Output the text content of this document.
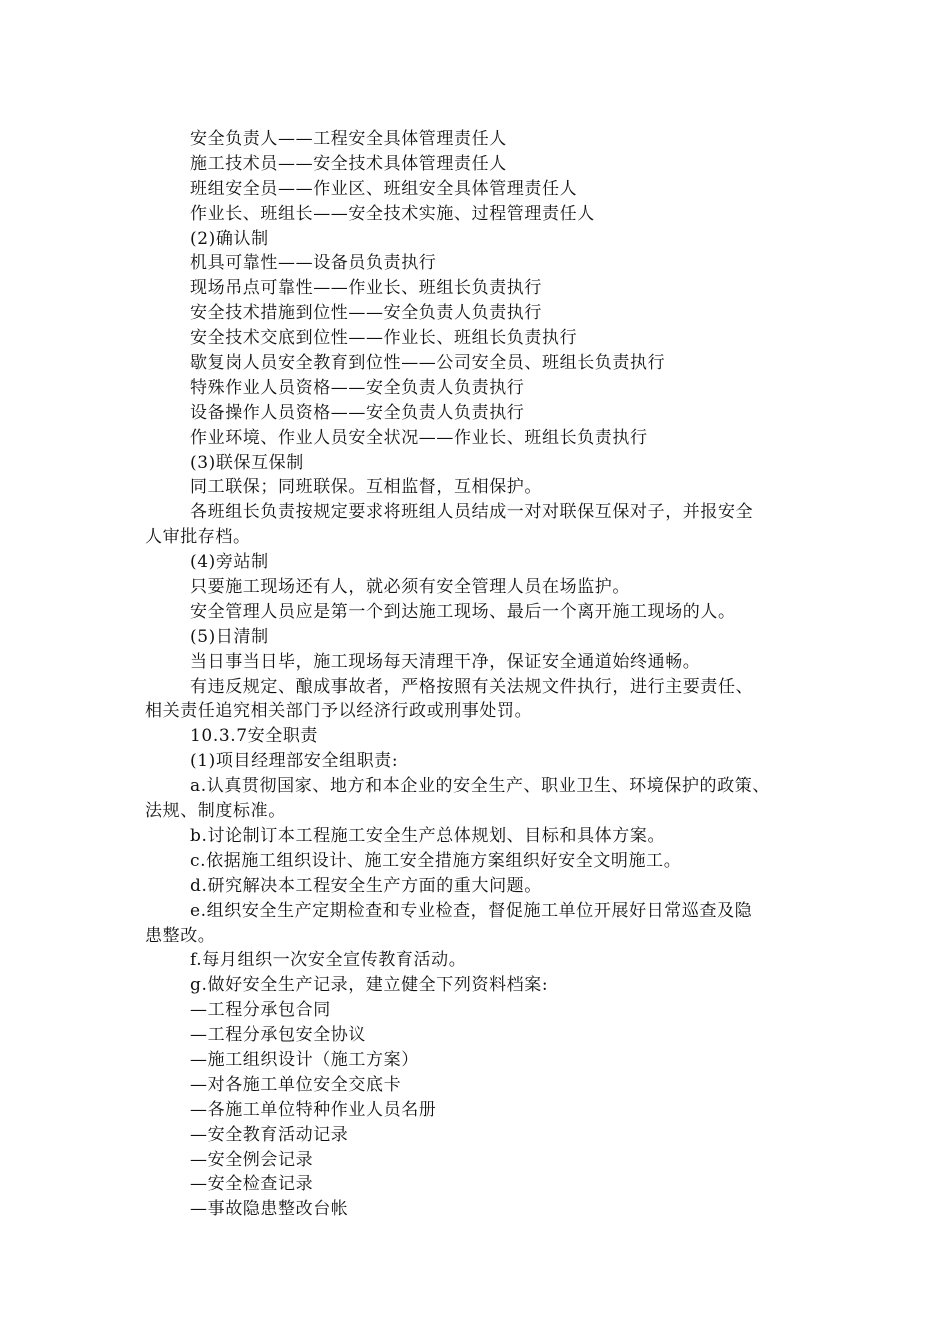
安全负责人——工程安全具体管理责任人
施工技术员——安全技术具体管理责任人
班组安全员——作业区、班组安全具体管理责任人
作业长、班组长——安全技术实施、过程管理责任人
(2)确认制
机具可靠性——设备员负责执行
现场吊点可靠性——作业长、班组长负责执行
安全技术措施到位性——安全负责人负责执行
安全技术交底到位性——作业长、班组长负责执行
歇复岗人员安全教育到位性——公司安全员、班组长负责执行
特殊作业人员资格——安全负责人负责执行
设备操作人员资格——安全负责人负责执行
作业环境、作业人员安全状况——作业长、班组长负责执行
(3)联保互保制
同工联保；同班联保。互相监督，互相保护。
各班组长负责按规定要求将班组人员结成一对对联保互保对子，并报安全
人审批存档。
(4)旁站制
只要施工现场还有人，就必须有安全管理人员在场监护。
安全管理人员应是第一个到达施工现场、最后一个离开施工现场的人。
(5)日清制
当日事当日毕，施工现场每天清理干净，保证安全通道始终通畅。
有违反规定、酿成事故者，严格按照有关法规文件执行，进行主要责任、
相关责任追究相关部门予以经济行政或刑事处罚。
10.3.7安全职责
(1)项目经理部安全组职责:
a.认真贯彻国家、地方和本企业的安全生产、职业卫生、环境保护的政策、
法规、制度标准。
b.讨论制订本工程施工安全生产总体规划、目标和具体方案。
c.依据施工组织设计、施工安全措施方案组织好安全文明施工。
d.研究解决本工程安全生产方面的重大问题。
e.组织安全生产定期检查和专业检查，督促施工单位开展好日常巡查及隐
患整改。
f.每月组织一次安全宣传教育活动。
g.做好安全生产记录，建立健全下列资料档案:
—工程分承包合同
—工程分承包安全协议
—施工组织设计（施工方案）
—对各施工单位安全交底卡
—各施工单位特种作业人员名册
—安全教育活动记录
—安全例会记录
—安全检查记录
—事故隐患整改台帐
